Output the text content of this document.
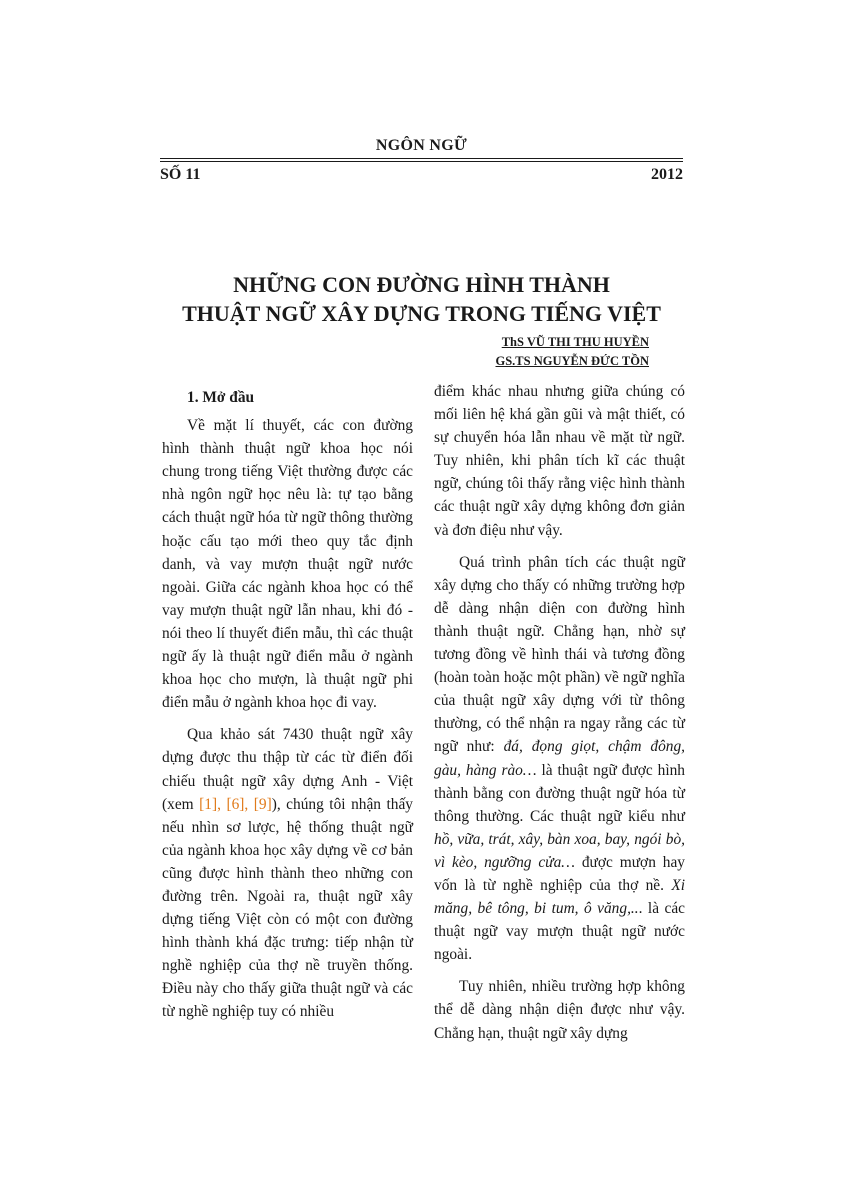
NGÔN NGỮ
SỐ 11	2012
NHỮNG CON ĐƯỜNG HÌNH THÀNH
THUẬT NGỮ XÂY DỰNG TRONG TIẾNG VIỆT
ThS VŨ THI THU HUYỀN
GS.TS NGUYỄN ĐỨC TỒN
1. Mở đầu

Về mặt lí thuyết, các con đường hình thành thuật ngữ khoa học nói chung trong tiếng Việt thường được các nhà ngôn ngữ học nêu là: tự tạo bằng cách thuật ngữ hóa từ ngữ thông thường hoặc cấu tạo mới theo quy tắc định danh, và vay mượn thuật ngữ nước ngoài. Giữa các ngành khoa học có thể vay mượn thuật ngữ lẫn nhau, khi đó - nói theo lí thuyết điển mẫu, thì các thuật ngữ ấy là thuật ngữ điển mẫu ở ngành khoa học cho mượn, là thuật ngữ phi điển mẫu ở ngành khoa học đi vay.

Qua khảo sát 7430 thuật ngữ xây dựng được thu thập từ các từ điển đối chiếu thuật ngữ xây dựng Anh - Việt (xem [1], [6], [9]), chúng tôi nhận thấy nếu nhìn sơ lược, hệ thống thuật ngữ của ngành khoa học xây dựng về cơ bản cũng được hình thành theo những con đường trên. Ngoài ra, thuật ngữ xây dựng tiếng Việt còn có một con đường hình thành khá đặc trưng: tiếp nhận từ nghề nghiệp của thợ nề truyền thống. Điều này cho thấy giữa thuật ngữ và các từ nghề nghiệp tuy có nhiều

điểm khác nhau nhưng giữa chúng có mối liên hệ khá gần gũi và mật thiết, có sự chuyển hóa lẫn nhau về mặt từ ngữ. Tuy nhiên, khi phân tích kĩ các thuật ngữ, chúng tôi thấy rằng việc hình thành các thuật ngữ xây dựng không đơn giản và đơn điệu như vậy.

Quá trình phân tích các thuật ngữ xây dựng cho thấy có những trường hợp dễ dàng nhận diện con đường hình thành thuật ngữ. Chẳng hạn, nhờ sự tương đồng về hình thái và tương đồng (hoàn toàn hoặc một phần) về ngữ nghĩa của thuật ngữ xây dựng với từ thông thường, có thể nhận ra ngay rằng các từ ngữ như: đá, đọng giọt, chậm đông, gàu, hàng rào… là thuật ngữ được hình thành bằng con đường thuật ngữ hóa từ thông thường. Các thuật ngữ kiểu như hồ, vữa, trát, xây, bàn xoa, bay, ngói bò, vì kèo, ngưỡng cửa… được mượn hay vốn là từ nghề nghiệp của thợ nề. Xi măng, bê tông, bi tum, ô văng,... là các thuật ngữ vay mượn thuật ngữ nước ngoài.

Tuy nhiên, nhiều trường hợp không thể dễ dàng nhận diện được như vậy. Chẳng hạn, thuật ngữ xây dựng
